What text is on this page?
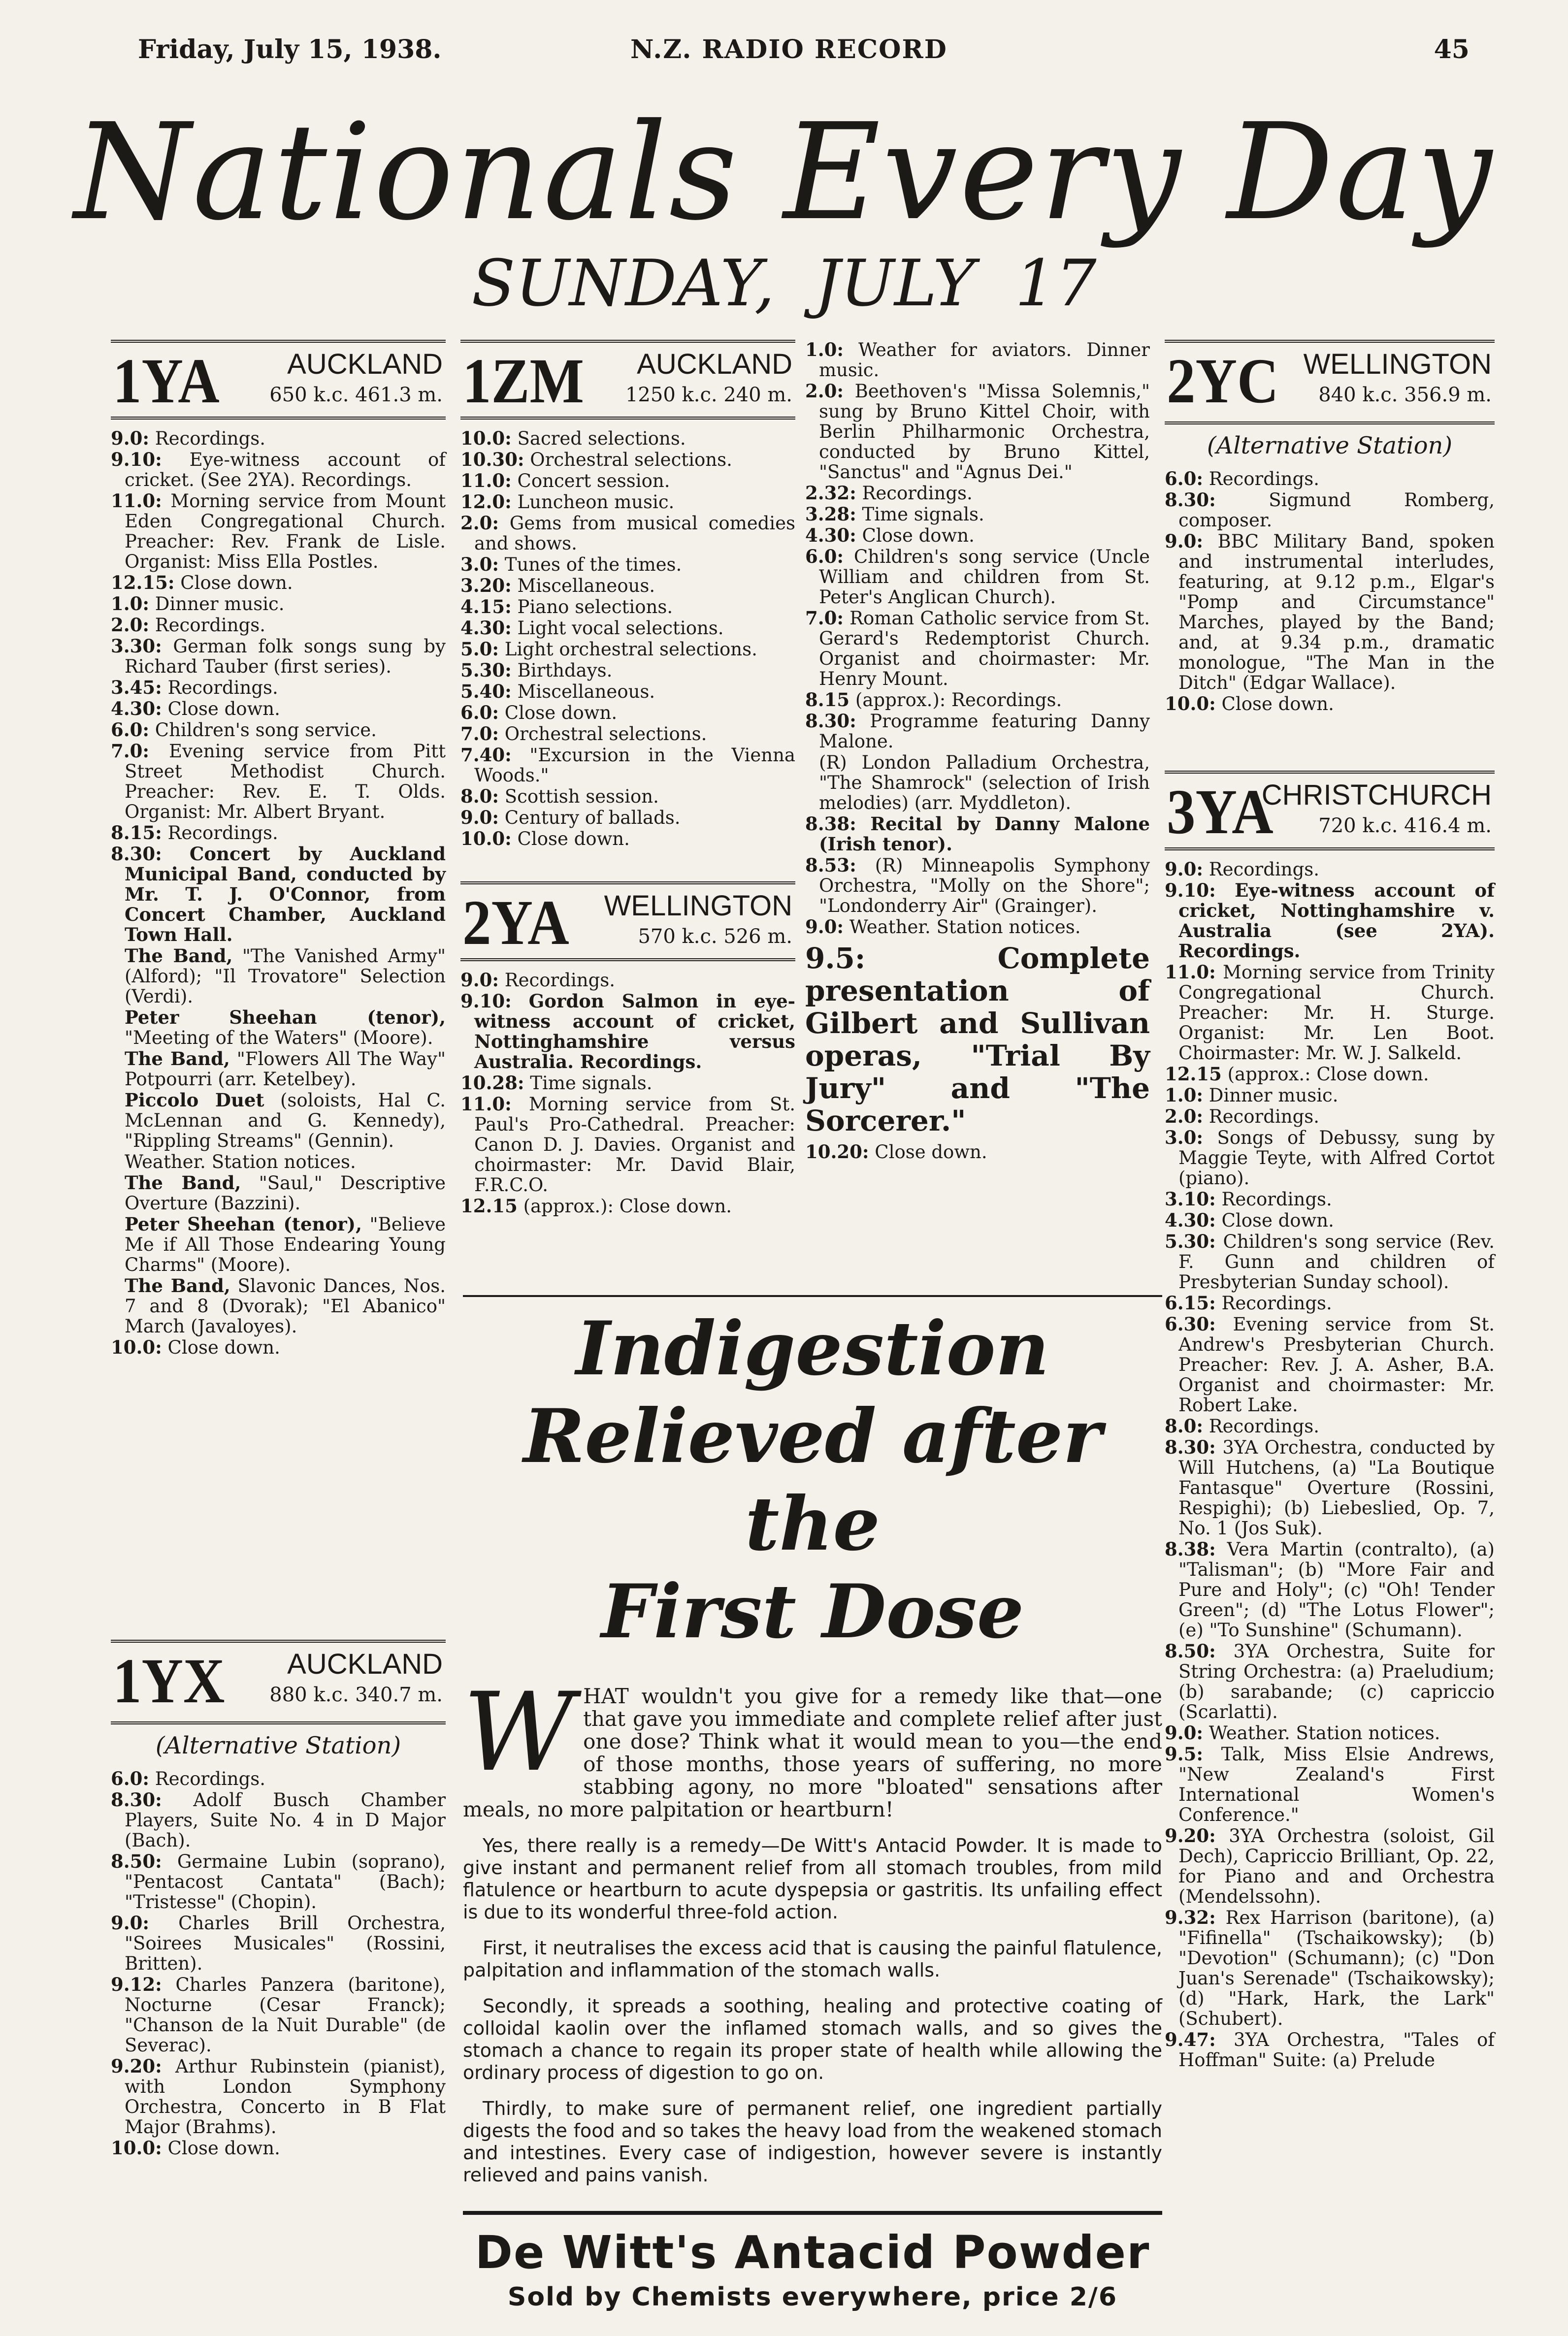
Friday, July 15, 1938.	N.Z. RADIO RECORD	45
Nationals Every Day
SUNDAY, JULY 17
1YA AUCKLAND
650 k.c. 461.3 m.

9.0: Recordings.

9.10: Eye-witness account of cricket. (See 2YA). Recordings.

11.0: Morning service from Mount Eden Congregational Church. Preacher: Rev. Frank de Lisle. Organist: Miss Ella Postles.

12.15: Close down.

1.0: Dinner music.

2.0: Recordings.

3.30: German folk songs sung by Richard Tauber (first series).

3.45: Recordings.

4.30: Close down.

6.0: Children's song service.

7.0: Evening service from Pitt Street Methodist Church. Preacher: Rev. E. T. Olds. Organist: Mr. Albert Bryant.

8.15: Recordings.

8.30: Concert by Auckland Municipal Band, conducted by Mr. T. J. O'Connor, from Concert Chamber, Auckland Town Hall.

The Band, "The Vanished Army" (Alford); "Il Trovatore" Selection (Verdi).

Peter Sheehan (tenor), "Meeting of the Waters" (Moore).

The Band, "Flowers All The Way" Potpourri (arr. Ketelbey).

Piccolo Duet (soloists, Hal C. McLennan and G. Kennedy), "Rippling Streams" (Gennin).

Weather. Station notices.

The Band, "Saul," Descriptive Overture (Bazzini).

Peter Sheehan (tenor), "Believe Me if All Those Endearing Young Charms" (Moore).

The Band, Slavonic Dances, Nos. 7 and 8 (Dvorak); "El Abanico" March (Javaloyes).

10.0: Close down.

1YX AUCKLAND
880 k.c. 340.7 m.
(Alternative Station)

6.0: Recordings.

8.30: Adolf Busch Chamber Players, Suite No. 4 in D Major (Bach).

8.50: Germaine Lubin (soprano), "Pentacost Cantata" (Bach); "Tristesse" (Chopin).

9.0: Charles Brill Orchestra, "Soirees Musicales" (Rossini, Britten).

9.12: Charles Panzera (baritone), Nocturne (Cesar Franck); "Chanson de la Nuit Durable" (de Severac).

9.20: Arthur Rubinstein (pianist), with London Symphony Orchestra, Concerto in B Flat Major (Brahms).

10.0: Close down.

1ZM AUCKLAND
1250 k.c. 240 m.

10.0: Sacred selections.

10.30: Orchestral selections.

11.0: Concert session.

12.0: Luncheon music.

2.0: Gems from musical comedies and shows.

3.0: Tunes of the times.

3.20: Miscellaneous.

4.15: Piano selections.

4.30: Light vocal selections.

5.0: Light orchestral selections.

5.30: Birthdays.

5.40: Miscellaneous.

6.0: Close down.

7.0: Orchestral selections.

7.40: "Excursion in the Vienna Woods."

8.0: Scottish session.

9.0: Century of ballads.

10.0: Close down.

2YA WELLINGTON
570 k.c. 526 m.

9.0: Recordings.

9.10: Gordon Salmon in eye-witness account of cricket, Nottinghamshire versus Australia. Recordings.

10.28: Time signals.

11.0: Morning service from St. Paul's Pro-Cathedral. Preacher: Canon D. J. Davies. Organist and choirmaster: Mr. David Blair, F.R.C.O.

12.15 (approx.): Close down.

1.0: Weather for aviators. Dinner music.

2.0: Beethoven's "Missa Solemnis," sung by Bruno Kittel Choir, with Berlin Philharmonic Orchestra, conducted by Bruno Kittel, "Sanctus" and "Agnus Dei."

2.32: Recordings.

3.28: Time signals.

4.30: Close down.

6.0: Children's song service (Uncle William and children from St. Peter's Anglican Church).

7.0: Roman Catholic service from St. Gerard's Redemptorist Church. Organist and choirmaster: Mr. Henry Mount.

8.15 (approx.): Recordings.

8.30: Programme featuring Danny Malone.

(R) London Palladium Orchestra, "The Shamrock" (selection of Irish melodies) (arr. Myddleton).

8.38: Recital by Danny Malone (Irish tenor).

8.53: (R) Minneapolis Symphony Orchestra, "Molly on the Shore"; "Londonderry Air" (Grainger).

9.0: Weather. Station notices.

9.5:	Complete presentation of Gilbert and Sullivan operas, "Trial By Jury" and "The Sorcerer."

10.20: Close down.

2YC WELLINGTON
840 k.c. 356.9 m.
(Alternative Station)

6.0: Recordings.

8.30:	Sigmund Romberg, composer.

9.0: BBC Military Band, spoken and instrumental interludes, featuring, at 9.12 p.m., Elgar's "Pomp and Circumstance" Marches, played by the Band; and, at 9.34 p.m., dramatic monologue, "The Man in the Ditch" (Edgar Wallace).

10.0: Close down.

3YA
CHRISTCHURCH
720 k.c. 416.4 m.

9.0: Recordings.

9.10: Eye-witness account of cricket, Nottinghamshire v. Australia (see 2YA). Recordings.

11.0: Morning service from Trinity Congregational Church. Preacher: Mr. H. Sturge. Organist: Mr. Len Boot. Choirmaster: Mr. W. J. Salkeld.

12.15 (approx.: Close down.

1.0: Dinner music.

2.0: Recordings.

3.0: Songs of Debussy, sung by Maggie Teyte, with Alfred Cortot (piano).

3.10: Recordings.

4.30: Close down.

5.30: Children's song service (Rev. F. Gunn and children of Presbyterian Sunday school).

6.15: Recordings.

6.30: Evening service from St. Andrew's Presbyterian Church. Preacher: Rev. J. A. Asher, B.A. Organist and choirmaster: Mr. Robert Lake.

8.0: Recordings.

8.30: 3YA Orchestra, conducted by Will Hutchens, (a) "La Boutique Fantasque" Overture (Rossini, Respighi); (b) Liebeslied, Op. 7, No. 1 (Jos Suk).

8.38: Vera Martin (contralto), (a) "Talisman"; (b) "More Fair and Pure and Holy"; (c) "Oh! Tender Green"; (d) "The Lotus Flower"; (e) "To Sunshine" (Schumann).

8.50: 3YA Orchestra, Suite for String Orchestra: (a) Praeludium; (b) sarabande; (c) capriccio (Scarlatti).

9.0: Weather. Station notices.

9.5: Talk, Miss Elsie Andrews, "New Zealand's First International Women's Conference."

9.20: 3YA Orchestra (soloist, Gil Dech), Capriccio Brilliant, Op. 22, for Piano and and Orchestra (Mendelssohn).

9.32: Rex Harrison (baritone), (a) "Fifinella" (Tschaikowsky); (b) "Devotion" (Schumann); (c) "Don Juan's Serenade" (Tschaikowsky); (d) "Hark, Hark, the Lark" (Schubert).

9.47: 3YA Orchestra, "Tales of Hoffman" Suite: (a) Prelude

Indigestion
Relieved after the
First Dose
WHAT wouldn't you give for a remedy like that—one that gave you immediate and complete relief after just one dose? Think what it would mean to you—the end of those months, those years of suffering, no more stabbing agony, no more "bloated" sensations after meals, no more palpitation or heartburn!
Yes, there really is a remedy—De Witt's Antacid Powder. It is made to give instant and permanent relief from all stomach troubles, from mild flatulence or heartburn to acute dyspepsia or gastritis. Its unfailing effect is due to its wonderful three-fold action.
First, it neutralises the excess acid that is causing the painful flatulence, palpitation and inflammation of the stomach walls.
Secondly, it spreads a soothing, healing and protective coating of colloidal kaolin over the inflamed stomach walls, and so gives the stomach a chance to regain its proper state of health while allowing the ordinary process of digestion to go on.
Thirdly, to make sure of permanent relief, one ingredient partially digests the food and so takes the heavy load from the weakened stomach and intestines. Every case of indigestion, however severe is instantly relieved and pains vanish.
De Witt's Antacid Powder
Sold by Chemists everywhere, price 2/6
